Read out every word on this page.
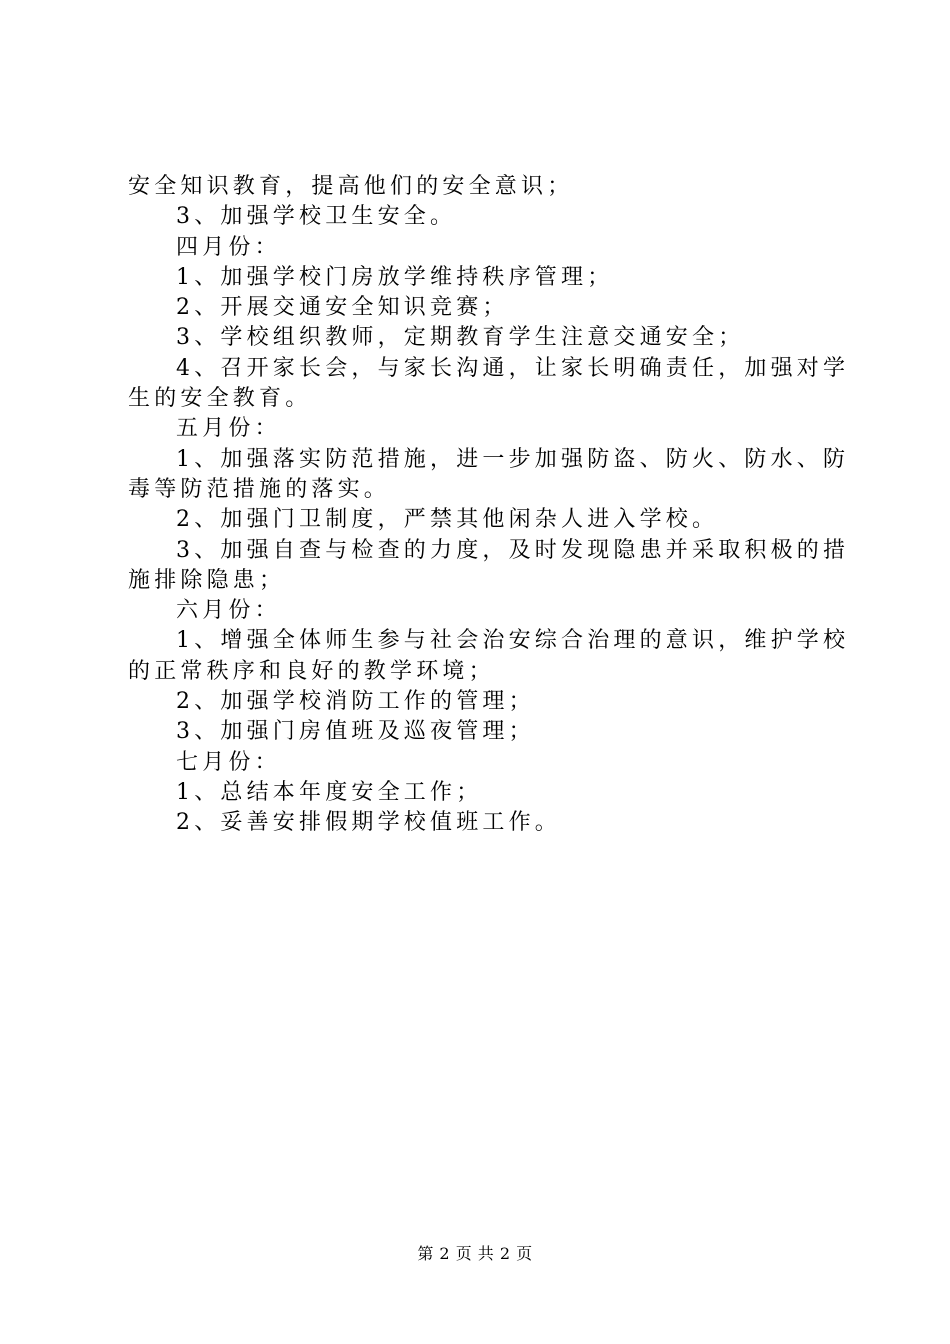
安全知识教育，提高他们的安全意识；
3、加强学校卫生安全。
四月份：
1、加强学校门房放学维持秩序管理；
2、开展交通安全知识竞赛；
3、学校组织教师，定期教育学生注意交通安全；
4、召开家长会，与家长沟通，让家长明确责任，加强对学
生的安全教育。
五月份：
1、加强落实防范措施，进一步加强防盗、防火、防水、防
毒等防范措施的落实。
2、加强门卫制度，严禁其他闲杂人进入学校。
3、加强自查与检查的力度，及时发现隐患并采取积极的措
施排除隐患；
六月份：
1、增强全体师生参与社会治安综合治理的意识，维护学校
的正常秩序和良好的教学环境；
2、加强学校消防工作的管理；
3、加强门房值班及巡夜管理；
七月份：
1、总结本年度安全工作；
2、妥善安排假期学校值班工作。
第 2 页 共 2 页
